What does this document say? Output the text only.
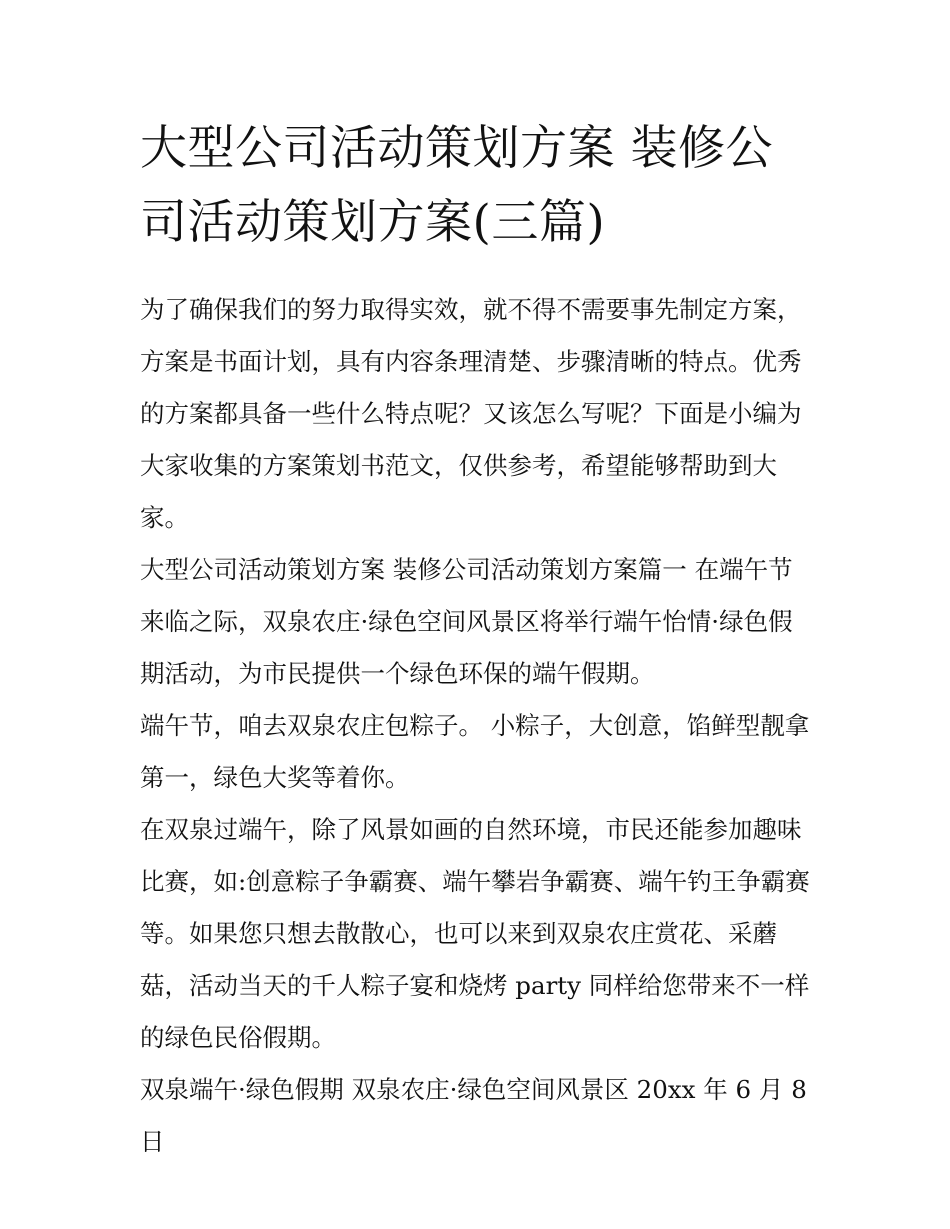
大型公司活动策划方案 装修公司活动策划方案(三篇)

为了确保我们的努力取得实效，就不得不需要事先制定方案，方案是书面计划，具有内容条理清楚、步骤清晰的特点。优秀的方案都具备一些什么特点呢？又该怎么写呢？下面是小编为大家收集的方案策划书范文，仅供参考，希望能够帮助到大家。

大型公司活动策划方案 装修公司活动策划方案篇一 在端午节来临之际，双泉农庄·绿色空间风景区将举行端午怡情·绿色假期活动，为市民提供一个绿色环保的端午假期。

端午节，咱去双泉农庄包粽子。 小粽子，大创意，馅鲜型靓拿第一，绿色大奖等着你。

在双泉过端午，除了风景如画的自然环境，市民还能参加趣味比赛，如:创意粽子争霸赛、端午攀岩争霸赛、端午钓王争霸赛等。如果您只想去散散心，也可以来到双泉农庄赏花、采蘑菇，活动当天的千人粽子宴和烧烤 party 同样给您带来不一样的绿色民俗假期。

双泉端午·绿色假期 双泉农庄·绿色空间风景区 20xx 年 6 月 8 日
